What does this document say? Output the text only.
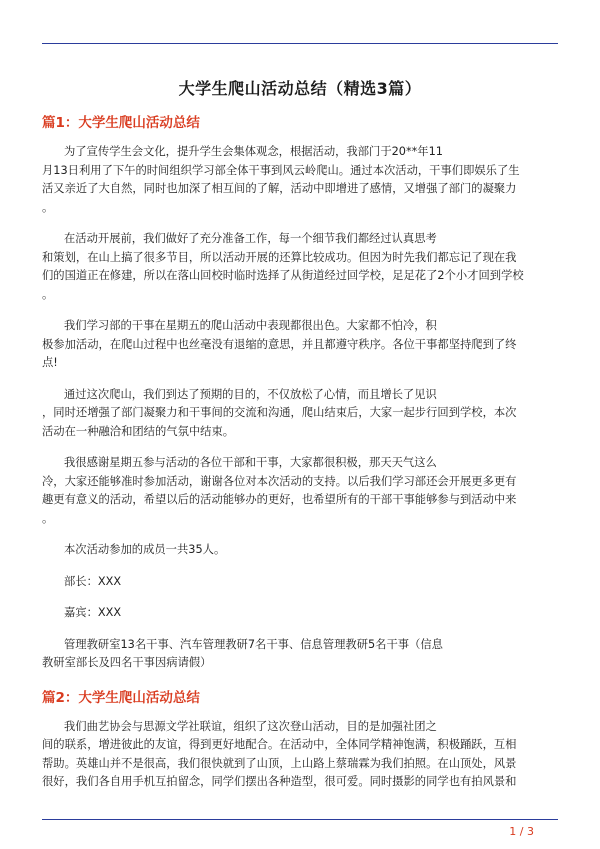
大学生爬山活动总结（精选3篇）
篇1：大学生爬山活动总结
为了宣传学生会文化，提升学生会集体观念，根据活动，我部门于20**年11
月13日利用了下午的时间组织学习部全体干事到风云岭爬山。通过本次活动，干事们即娱乐了生
活又亲近了大自然，同时也加深了相互间的了解，活动中即增进了感情，又增强了部门的凝聚力
。
在活动开展前，我们做好了充分准备工作，每一个细节我们都经过认真思考
和策划，在山上搞了很多节目，所以活动开展的还算比较成功。但因为时先我们都忘记了现在我
们的国道正在修建，所以在落山回校时临时选择了从街道经过回学校，足足花了2个小才回到学校
。
我们学习部的干事在星期五的爬山活动中表现都很出色。大家都不怕冷，积
极参加活动，在爬山过程中也丝毫没有退缩的意思，并且都遵守秩序。各位干事都坚持爬到了终
点!
通过这次爬山，我们到达了预期的目的，不仅放松了心情，而且增长了见识
，同时还增强了部门凝聚力和干事间的交流和沟通，爬山结束后，大家一起步行回到学校，本次
活动在一种融洽和团结的气氛中结束。
我很感谢星期五参与活动的各位干部和干事，大家都很积极，那天天气这么
冷，大家还能够准时参加活动，谢谢各位对本次活动的支持。以后我们学习部还会开展更多更有
趣更有意义的活动，希望以后的活动能够办的更好，也希望所有的干部干事能够参与到活动中来
。
本次活动参加的成员一共35人。
部长：XXX
嘉宾：XXX
管理教研室13名干事、汽车管理教研7名干事、信息管理教研5名干事（信息
教研室部长及四名干事因病请假）
篇2：大学生爬山活动总结
我们曲艺协会与思源文学社联谊，组织了这次登山活动，目的是加强社团之
间的联系，增进彼此的友谊，得到更好地配合。在活动中，全体同学精神饱满，积极踊跃，互相
帮助。英雄山并不是很高，我们很快就到了山顶，上山路上蔡瑞霖为我们拍照。在山顶处，风景
很好，我们各自用手机互拍留念，同学们摆出各种造型，很可爱。同时摄影的同学也有拍风景和
1 / 3
